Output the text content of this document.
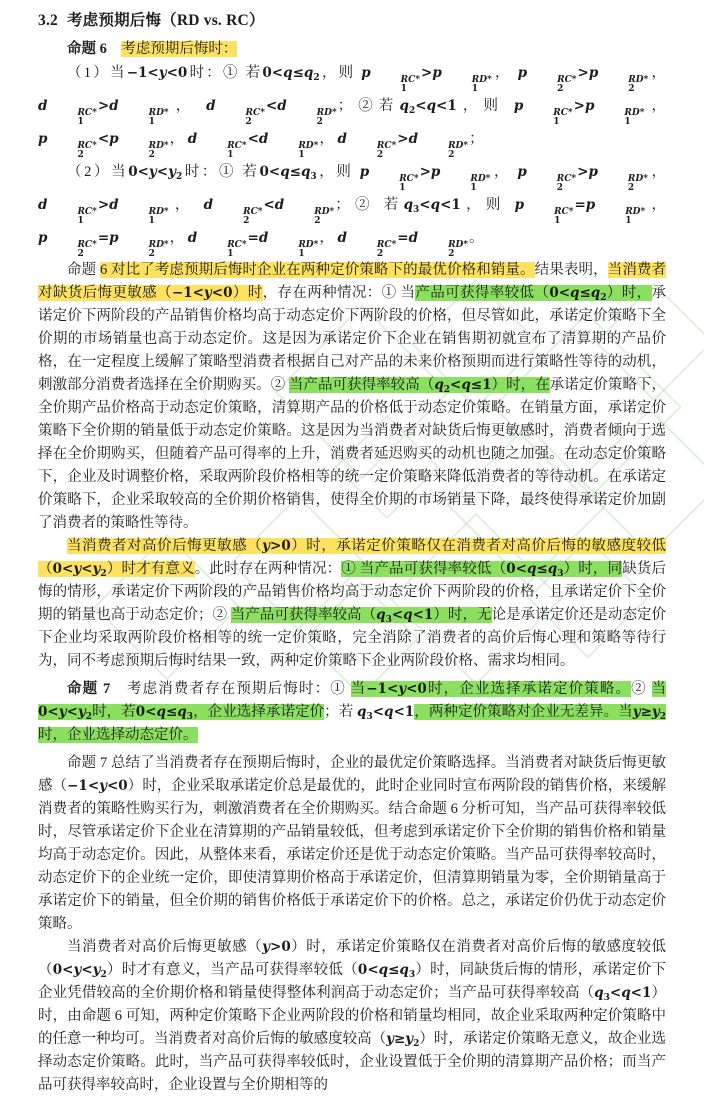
3.2 考虑预期后悔（RD vs. RC）

命题 6　 考虑预期后悔时：

（1）当−1<y<0时：① 若$0<q\le q_2$，则 p	RC*
1
>p	RD*
1
， p	RC*
2
>p	RD*
2
， d	RC*
1
>d	RD*
1
， d	RC*
2
<d	RD*
2
；②若$q_2<q<1$，则 p	RC*
1
>p	RD*
1
， p	RC*
2
<p	RD*
2
， d	RC*
1
<d	RD*
1
， d	RC*
2
>d	RD*
2
；

（2）当$0<y<y_2$时：① 若$0<q\le q_3$，则 p	RC*
1
>p	RD*
1
， p	RC*
2
>p	RD*
2
， d	RC*
1
>d	RD*
1
， d	RC*
2
<d	RD*
2
；② 若$q_3<q<1$，则 p	RC*
1
=p	RD*
1
， p	RC*
2
=p	RD*
2
， d	RC*
1
=d	RD*
1
， d	RC*
2
=d	RD*
2
。

命题 6 对比了考虑预期后悔时企业在两种定价策略下的最优价格和销量。结果表明，当消费者对缺货后悔更敏感（−1<y<0）时，存在两种情况：① 当产品可获得率较低$(0<q\le q_2)$时，承诺定价下两阶段的产品销售价格均高于动态定价下两阶段的价格，但尽管如此，承诺定价策略下全价期的市场销量也高于动态定价。这是因为承诺定价下企业在销售期初就宣布了清算期的产品价格，在一定程度上缓解了策略型消费者根据自己对产品的未来价格预期而进行策略性等待的动机，刺激部分消费者选择在全价期购买。② 当产品可获得率较高$(q_2<q\le 1)$时，在承诺定价策略下，全价期产品价格高于动态定价策略，清算期产品的价格低于动态定价策略。在销量方面，承诺定价策略下全价期的销量低于动态定价策略。这是因为当消费者对缺货后悔更敏感时，消费者倾向于选择在全价期购买，但随着产品可得率的上升，消费者延迟购买的动机也随之加强。在动态定价策略下，企业及时调整价格，采取两阶段价格相等的统一定价策略来降低消费者的等待动机。在承诺定价策略下，企业采取较高的全价期价格销售，使得全价期的市场销量下降，最终使得承诺定价加剧了消费者的策略性等待。

当消费者对高价后悔更敏感（y>0）时，承诺定价策略仅在消费者对高价后悔的敏感度较低$(0<y<y_2)$时才有意义。此时存在两种情况：① 当产品可获得率较低$(0<q\le q_3)$时，同缺货后悔的情形，承诺定价下两阶段的产品销售价格均高于动态定价下两阶段的价格，且承诺定价下全价期的销量也高于动态定价；② 当产品可获得率较高$(q_3<q<1)$时，无论是承诺定价还是动态定价下企业均采取两阶段价格相等的统一定价策略，完全消除了消费者的高价后悔心理和策略等待行为，同不考虑预期后悔时结果一致，两种定价策略下企业两阶段价格、需求均相同。

命题 7　考虑消费者存在预期后悔时：① 当−1<y<0时，企业选择承诺定价策略。② 当$0<y<y_2$时，若$0<q\le q_3$，企业选择承诺定价；若 $q_3<q<1$，两种定价策略对企业无差异。当$y\ge y_2$时，企业选择动态定价。

命题 7 总结了当消费者存在预期后悔时，企业的最优定价策略选择。当消费者对缺货后悔更敏感（−1<y<0）时，企业采取承诺定价总是最优的，此时企业同时宣布两阶段的销售价格，来缓解消费者的策略性购买行为，刺激消费者在全价期购买。结合命题 6 分析可知，当产品可获得率较低时，尽管承诺定价下企业在清算期的产品销量较低，但考虑到承诺定价下全价期的销售价格和销量均高于动态定价。因此，从整体来看，承诺定价还是优于动态定价策略。当产品可获得率较高时，动态定价下的企业统一定价，即使清算期价格高于承诺定价，但清算期销量为零，全价期销量高于承诺定价下的销量，但全价期的销售价格低于承诺定价下的价格。总之，承诺定价仍优于动态定价策略。

当消费者对高价后悔更敏感（y>0）时，承诺定价策略仅在消费者对高价后悔的敏感度较低$(0<y<y_2)$时才有意义，当产品可获得率较低$(0<q\le q_3)$时，同缺货后悔的情形，承诺定价下企业凭借较高的全价期价格和销量使得整体利润高于动态定价；当产品可获得率较高$(q_3<q<1)$时，由命题 6 可知，两种定价策略下企业两阶段的价格和销量均相同，故企业采取两种定价策略中的任意一种均可。当消费者对高价后悔的敏感度较高$(y\ge y_2)$时，承诺定价策略无意义，故企业选择动态定价策略。此时，当产品可获得率较低时，企业设置低于全价期的清算期产品价格；而当产品可获得率较高时，企业设置与全价期相等的
